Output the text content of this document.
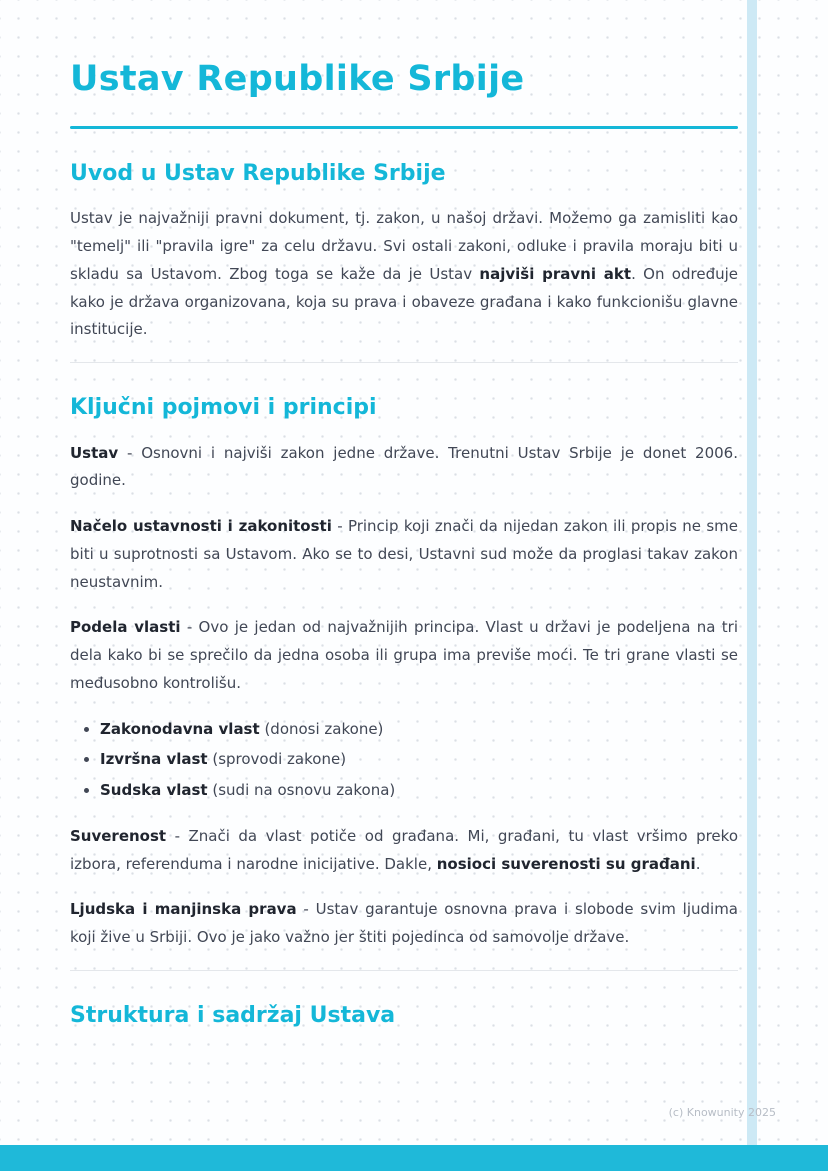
Ustav Republike Srbije
Uvod u Ustav Republike Srbije

Ustav je najvažniji pravni dokument, tj. zakon, u našoj državi. Možemo ga zamisliti kao "temelj" ili "pravila igre" za celu državu. Svi ostali zakoni, odluke i pravila moraju biti u skladu sa Ustavom. Zbog toga se kaže da je Ustav najviši pravni akt. On određuje kako je država organizovana, koja su prava i obaveze građana i kako funkcionišu glavne institucije.

Ključni pojmovi i principi

Ustav - Osnovni i najviši zakon jedne države. Trenutni Ustav Srbije je donet 2006. godine.

Načelo ustavnosti i zakonitosti - Princip koji znači da nijedan zakon ili propis ne sme biti u suprotnosti sa Ustavom. Ako se to desi, Ustavni sud može da proglasi takav zakon neustavnim.

Podela vlasti - Ovo je jedan od najvažnijih principa. Vlast u državi je podeljena na tri dela kako bi se sprečilo da jedna osoba ili grupa ima previše moći. Te tri grane vlasti se međusobno kontrolišu.

• Zakonodavna vlast (donosi zakone)
• Izvršna vlast (sprovodi zakone)
• Sudska vlast (sudi na osnovu zakona)

Suverenost - Znači da vlast potiče od građana. Mi, građani, tu vlast vršimo preko izbora, referenduma i narodne inicijative. Dakle, nosioci suverenosti su građani.

Ljudska i manjinska prava - Ustav garantuje osnovna prava i slobode svim ljudima koji žive u Srbiji. Ovo je jako važno jer štiti pojedinca od samovolje države.

Struktura i sadržaj Ustava
(c) Knowunity 2025
